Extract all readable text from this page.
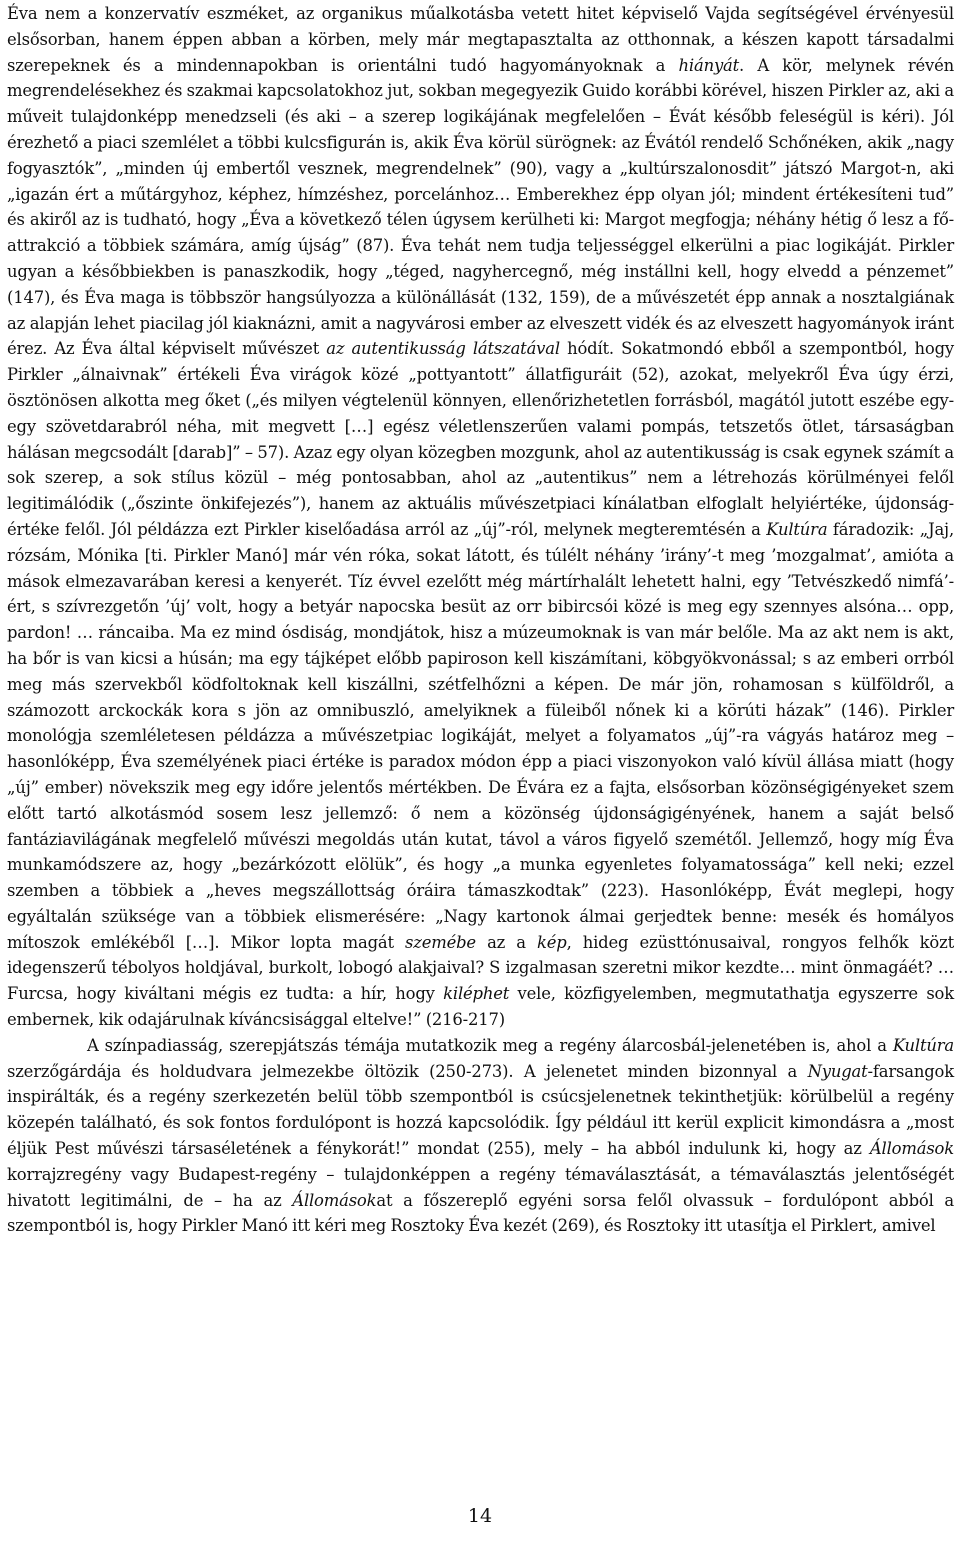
Éva nem a konzervatív eszméket, az organikus műalkotásba vetett hitet képviselő Vajda segítségével érvényesül elsősorban, hanem éppen abban a körben, mely már megtapasztalta az otthonnak, a készen kapott társadalmi szerepeknek és a mindennapokban is orientálni tudó hagyományoknak a hiányát. A kör, melynek révén megrendelésekhez és szakmai kapcsolatokhoz jut, sokban megegyezik Guido korábbi körével, hiszen Pirkler az, aki a műveit tulajdonképp menedzseli (és aki – a szerep logikájának megfelelően – Évát később feleségül is kéri). Jól érezhető a piaci szemlélet a többi kulcsfigurán is, akik Éva körül sürögnek: az Évától rendelő Schőnéken, akik „nagy fogyasztók”, „minden új embertől vesznek, megrendelnek” (90), vagy a „kultúrszalonosdit” játszó Margot-n, aki „igazán ért a műtárgyhoz, képhez, hímzéshez, porcelánhoz… Emberekhez épp olyan jól; mindent értékesíteni tud” és akiről az is tudható, hogy „Éva a következő télen úgysem kerülheti ki: Margot megfogja; néhány hétig ő lesz a fő-attrakció a többiek számára, amíg újság” (87). Éva tehát nem tudja teljességgel elkerülni a piac logikáját. Pirkler ugyan a későbbiekben is panaszkodik, hogy „téged, nagyhercegnő, még instállni kell, hogy elvedd a pénzemet” (147), és Éva maga is többször hangsúlyozza a különállását (132, 159), de a művészetét épp annak a nosztalgiának az alapján lehet piacilag jól kiaknázni, amit a nagyvárosi ember az elveszett vidék és az elveszett hagyományok iránt érez. Az Éva által képviselt művészet az autentikusság látszatával hódít. Sokatmondó ebből a szempontból, hogy Pirkler „álnaivnak” értékeli Éva virágok közé „pottyantott” állatfiguráit (52), azokat, melyekről Éva úgy érzi, ösztönösen alkotta meg őket („és milyen végtelenül könnyen, ellenőrizhetetlen forrásból, magától jutott eszébe egy-egy szövetdarabról néha, mit megvett […] egész véletlenszerűen valami pompás, tetszetős ötlet, társaságban hálásan megcsodált [darab]” – 57). Azaz egy olyan közegben mozgunk, ahol az autentikusság is csak egynek számít a sok szerep, a sok stílus közül – még pontosabban, ahol az „autentikus” nem a létrehozás körülményei felől legitimálódik („őszinte önkifejezés”), hanem az aktuális művészetpiaci kínálatban elfoglalt helyiértéke, újdonság-értéke felől. Jól példázza ezt Pirkler kiselőadása arról az „új”-ról, melynek megteremtésén a Kultúra fáradozik: „Jaj, rózsám, Mónika [ti. Pirkler Manó] már vén róka, sokat látott, és túlélt néhány ’irány’-t meg ’mozgalmat’, amióta a mások elmezavarában keresi a kenyerét. Tíz évvel ezelőtt még mártírhalált lehetett halni, egy ’Tetvészkedő nimfá’-ért, s szívrezgetőn ’új’ volt, hogy a betyár napocska besüt az orr bibircsói közé is meg egy szennyes alsóna… opp, pardon! … ráncaiba. Ma ez mind ósdiság, mondjátok, hisz a múzeumoknak is van már belőle. Ma az akt nem is akt, ha bőr is van kicsi a húsán; ma egy tájképet előbb papiroson kell kiszámítani, köbgyökvonással; s az emberi orrból meg más szervekből ködfoltoknak kell kiszállni, szétfelhőzni a képen. De már jön, rohamosan s külföldről, a számozott arckockák kora s jön az omnibuszló, amelyiknek a füleiből nőnek ki a körúti házak” (146). Pirkler monológja szemléletesen példázza a művészetpiac logikáját, melyet a folyamatos „új”-ra vágyás határoz meg – hasonlóképp, Éva személyének piaci értéke is paradox módon épp a piaci viszonyokon való kívül állása miatt (hogy „új” ember) növekszik meg egy időre jelentős mértékben. De Évára ez a fajta, elsősorban közönségigényeket szem előtt tartó alkotásmód sosem lesz jellemző: ő nem a közönség újdonságigényének, hanem a saját belső fantáziavilágának megfelelő művészi megoldás után kutat, távol a város figyelő szemétől. Jellemző, hogy míg Éva munkamódszere az, hogy „bezárkózott elölük”, és hogy „a munka egyenletes folyamatossága” kell neki; ezzel szemben a többiek a „heves megszállottság óráira támaszkodtak” (223). Hasonlóképp, Évát meglepi, hogy egyáltalán szüksége van a többiek elismerésére: „Nagy kartonok álmai gerjedtek benne: mesék és homályos mítoszok emlékéből […]. Mikor lopta magát szemébe az a kép, hideg ezüsttónusaival, rongyos felhők közt idegenszerű tébolyos holdjával, burkolt, lobogó alakjaival? S izgalmasan szeretni mikor kezdte… mint önmagáét? … Furcsa, hogy kiváltani mégis ez tudta: a hír, hogy kiléphet vele, közfigyelemben, megmutathatja egyszerre sok embernek, kik odajárulnak kíváncsisággal eltelve!” (216-217)

A színpadiasság, szerepjátszás témája mutatkozik meg a regény álarcosbál-jelenetében is, ahol a Kultúra szerzőgárdája és holdudvara jelmezekbe öltözik (250-273). A jelenetet minden bizonnyal a Nyugat-farsangok inspirálták, és a regény szerkezetén belül több szempontból is csúcsjelenetnek tekinthetjük: körülbelül a regény közepén található, és sok fontos fordulópont is hozzá kapcsolódik. Így például itt kerül explicit kimondásra a „most éljük Pest művészi társaséletének a fénykorát!” mondat (255), mely – ha abból indulunk ki, hogy az Állomások korrajzregény vagy Budapest-regény – tulajdonképpen a regény témaválasztását, a témaválasztás jelentőségét hivatott legitimálni, de – ha az Állomásokat a főszereplő egyéni sorsa felől olvassuk – fordulópont abból a szempontból is, hogy Pirkler Manó itt kéri meg Rosztoky Éva kezét (269), és Rosztoky itt utasítja el Pirklert, amivel

14
